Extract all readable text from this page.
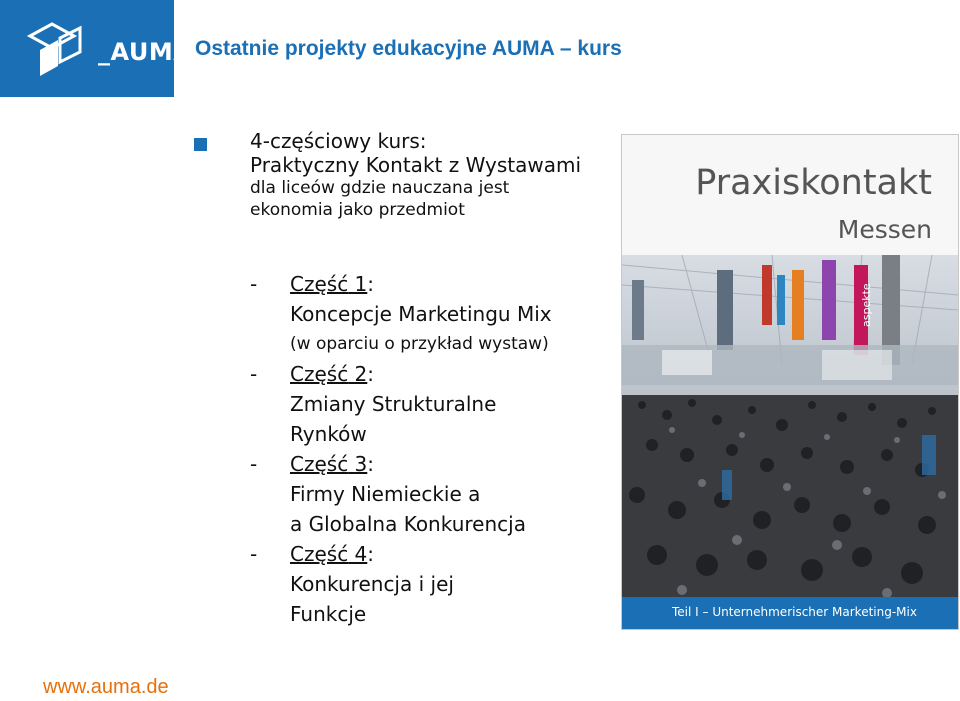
_AUMA Ostatnie projekty edukacyjne AUMA – kurs
4-częściowy kurs:
Praktyczny Kontakt z Wystawami
dla liceów gdzie nauczana jest
ekonomia jako przedmiot
- Część 1:
Koncepcje Marketingu Mix
(w oparciu o przykład wystaw)
- Część 2:
Zmiany Strukturalne
Rynków
- Część 3:
Firmy Niemieckie a
a Globalna Konkurencja
- Część 4:
Konkurencja i jej
Funkcje
Praxiskontakt
Messen
aspekte
Teil I – Unternehmerischer Marketing-Mix
www.auma.de
